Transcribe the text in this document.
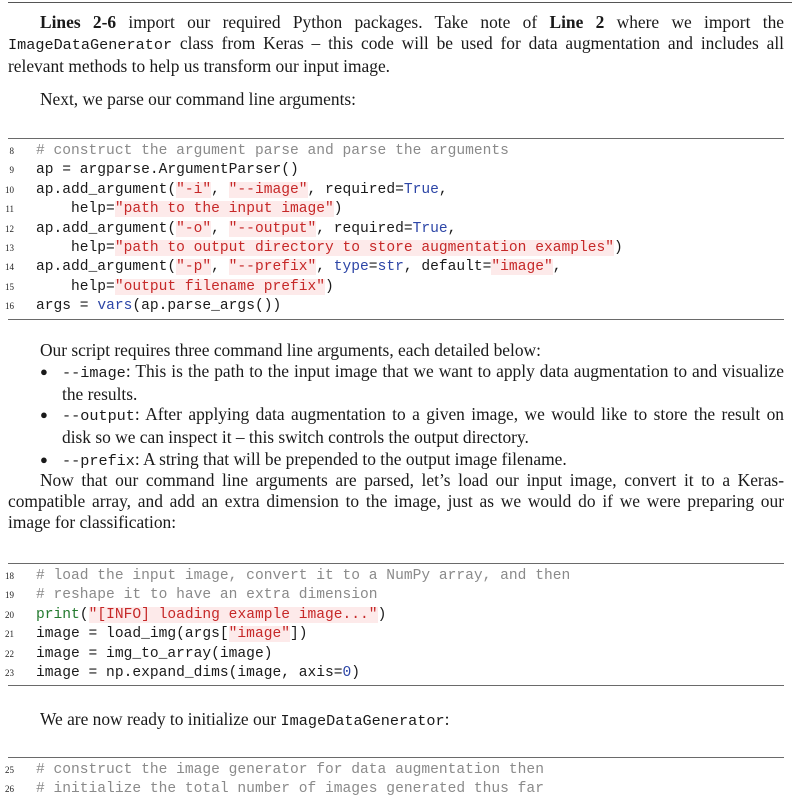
Lines 2-6 import our required Python packages. Take note of Line 2 where we import the ImageDataGenerator class from Keras – this code will be used for data augmentation and includes all relevant methods to help us transform our input image.

Next, we parse our command line arguments:

8 # construct the argument parse and parse the arguments
9 ap = argparse.ArgumentParser()
10 ap.add_argument("-i", "--image", required=True,
11 help="path to the input image")
12 ap.add_argument("-o", "--output", required=True,
13 help="path to output directory to store augmentation examples")
14 ap.add_argument("-p", "--prefix", type=str, default="image",
15 help="output filename prefix")
16 args = vars(ap.parse_args())

Our script requires three command line arguments, each detailed below:

● --image: This is the path to the input image that we want to apply data augmentation to and visualize the results.
● --output: After applying data augmentation to a given image, we would like to store the result on disk so we can inspect it – this switch controls the output directory.
● --prefix: A string that will be prepended to the output image filename.

Now that our command line arguments are parsed, let’s load our input image, convert it to a Keras-compatible array, and add an extra dimension to the image, just as we would do if we were preparing our image for classification:

18 # load the input image, convert it to a NumPy array, and then
19 # reshape it to have an extra dimension
20 print("[INFO] loading example image...")
21 image = load_img(args["image"])
22 image = img_to_array(image)
23 image = np.expand_dims(image, axis=0)

We are now ready to initialize our ImageDataGenerator:

25 # construct the image generator for data augmentation then
26 # initialize the total number of images generated thus far
